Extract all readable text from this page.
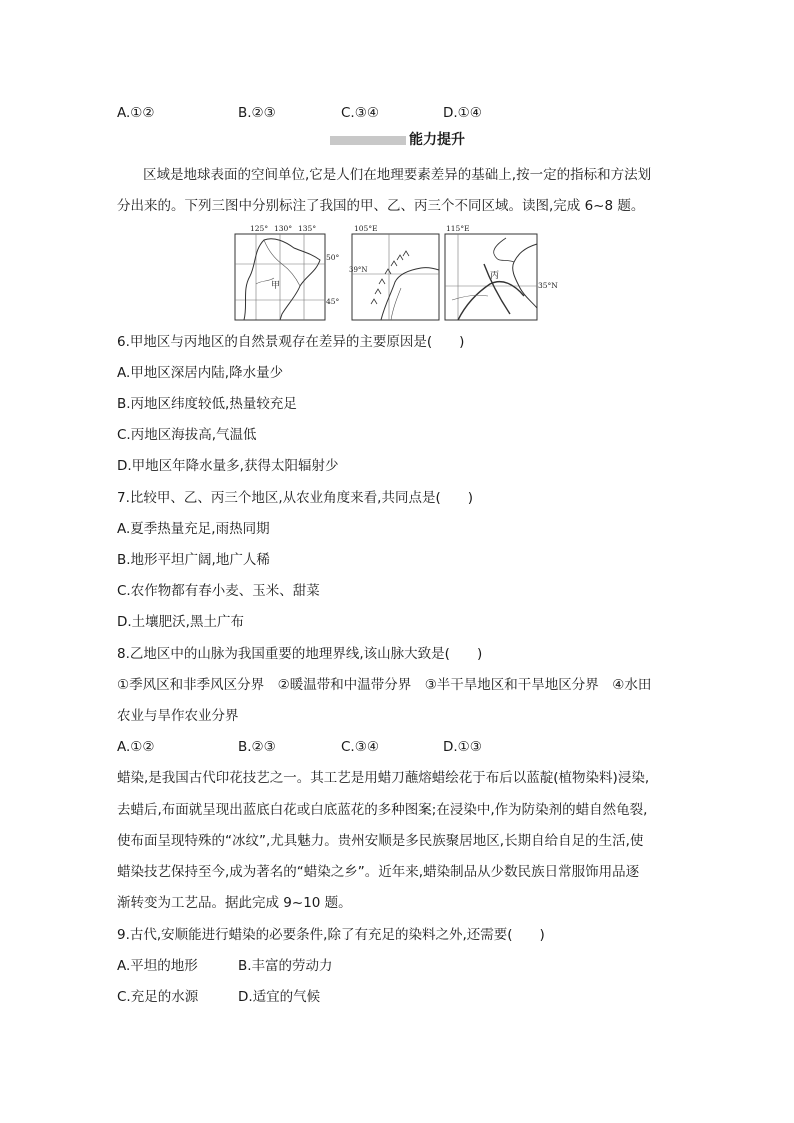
A.①②	B.②③	C.③④	D.①④
能力提升
区域是地球表面的空间单位,它是人们在地理要素差异的基础上,按一定的指标和方法划
分出来的。下列三图中分别标注了我国的甲、乙、丙三个不同区域。读图,完成 6~8 题。
125° 130° 135°
50°
45°
甲
105°E
39°N
115°E
35°N
丙
6.甲地区与丙地区的自然景观存在差异的主要原因是(　　)
A.甲地区深居内陆,降水量少
B.丙地区纬度较低,热量较充足
C.丙地区海拔高,气温低
D.甲地区年降水量多,获得太阳辐射少
7.比较甲、乙、丙三个地区,从农业角度来看,共同点是(　　)
A.夏季热量充足,雨热同期
B.地形平坦广阔,地广人稀
C.农作物都有春小麦、玉米、甜菜
D.土壤肥沃,黑土广布
8.乙地区中的山脉为我国重要的地理界线,该山脉大致是(　　)
①季风区和非季风区分界　②暖温带和中温带分界　③半干旱地区和干旱地区分界　④水田
农业与旱作农业分界
A.①②	B.②③	C.③④	D.①③
蜡染,是我国古代印花技艺之一。其工艺是用蜡刀蘸熔蜡绘花于布后以蓝靛(植物染料)浸染,
去蜡后,布面就呈现出蓝底白花或白底蓝花的多种图案;在浸染中,作为防染剂的蜡自然龟裂,
使布面呈现特殊的“冰纹”,尤具魅力。贵州安顺是多民族聚居地区,长期自给自足的生活,使
蜡染技艺保持至今,成为著名的“蜡染之乡”。近年来,蜡染制品从少数民族日常服饰用品逐
渐转变为工艺品。据此完成 9~10 题。
9.古代,安顺能进行蜡染的必要条件,除了有充足的染料之外,还需要(　　)
A.平坦的地形	B.丰富的劳动力
C.充足的水源	D.适宜的气候
